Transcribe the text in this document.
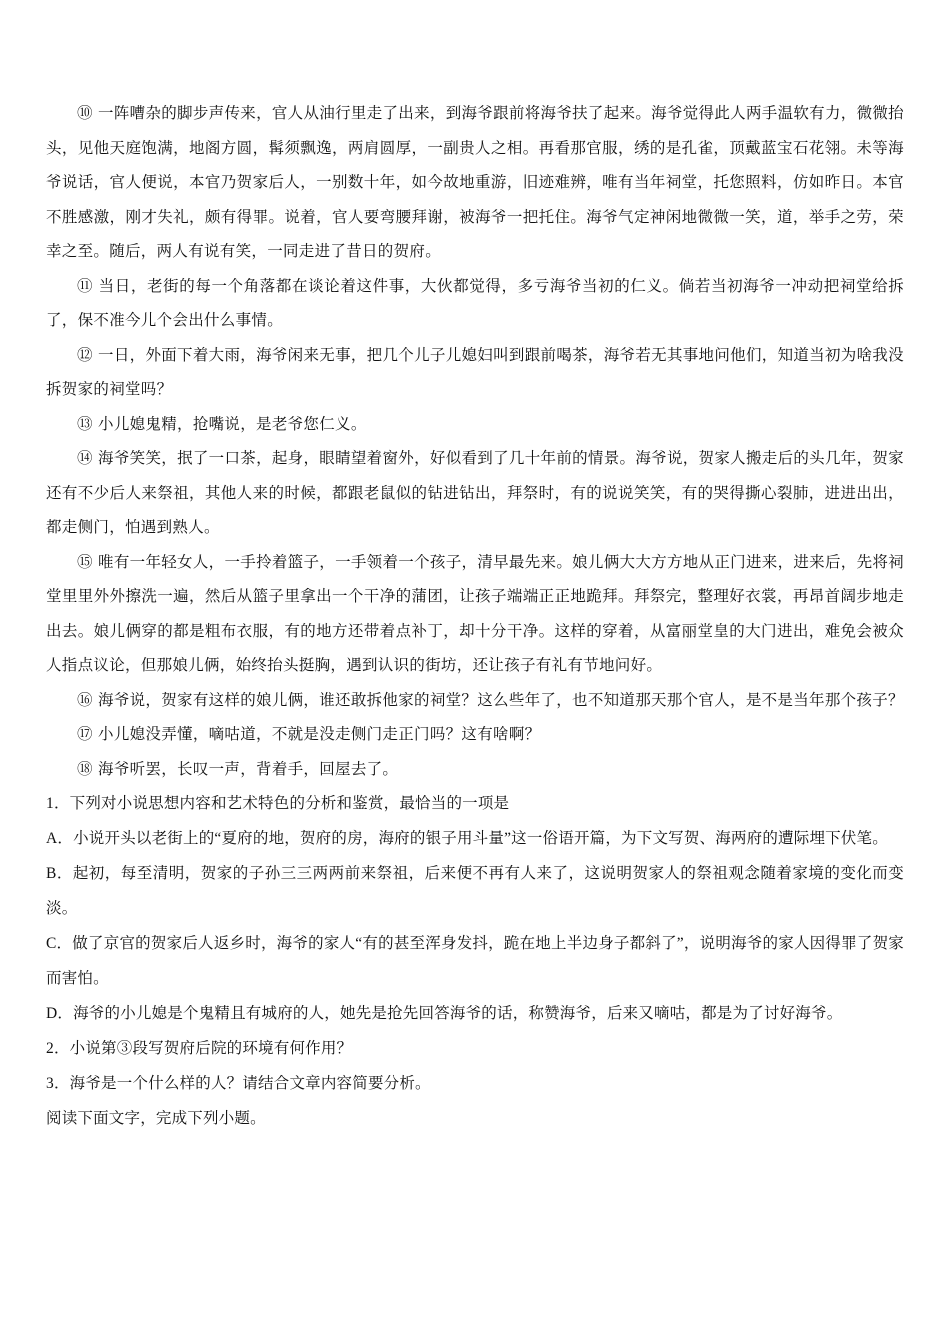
⑩ 一阵嘈杂的脚步声传来，官人从油行里走了出来，到海爷跟前将海爷扶了起来。海爷觉得此人两手温软有力，微微抬头，见他天庭饱满，地阁方圆，髯须飘逸，两肩圆厚，一副贵人之相。再看那官服，绣的是孔雀，顶戴蓝宝石花翎。未等海爷说话，官人便说，本官乃贺家后人，一别数十年，如今故地重游，旧迹难辨，唯有当年祠堂，托您照料，仿如昨日。本官不胜感激，刚才失礼，颇有得罪。说着，官人要弯腰拜谢，被海爷一把托住。海爷气定神闲地微微一笑，道，举手之劳，荣幸之至。随后，两人有说有笑，一同走进了昔日的贺府。

⑪ 当日，老街的每一个角落都在谈论着这件事，大伙都觉得，多亏海爷当初的仁义。倘若当初海爷一冲动把祠堂给拆了，保不准今儿个会出什么事情。

⑫ 一日，外面下着大雨，海爷闲来无事，把几个儿子儿媳妇叫到跟前喝茶，海爷若无其事地问他们，知道当初为啥我没拆贺家的祠堂吗？

⑬ 小儿媳鬼精，抢嘴说，是老爷您仁义。

⑭ 海爷笑笑，抿了一口茶，起身，眼睛望着窗外，好似看到了几十年前的情景。海爷说，贺家人搬走后的头几年，贺家还有不少后人来祭祖，其他人来的时候，都跟老鼠似的钻进钻出，拜祭时，有的说说笑笑，有的哭得撕心裂肺，进进出出，都走侧门，怕遇到熟人。

⑮ 唯有一年轻女人，一手拎着篮子，一手领着一个孩子，清早最先来。娘儿俩大大方方地从正门进来，进来后，先将祠堂里里外外擦洗一遍，然后从篮子里拿出一个干净的蒲团，让孩子端端正正地跪拜。拜祭完，整理好衣裳，再昂首阔步地走出去。娘儿俩穿的都是粗布衣服，有的地方还带着点补丁，却十分干净。这样的穿着，从富丽堂皇的大门进出，难免会被众人指点议论，但那娘儿俩，始终抬头挺胸，遇到认识的街坊，还让孩子有礼有节地问好。

⑯ 海爷说，贺家有这样的娘儿俩，谁还敢拆他家的祠堂？这么些年了，也不知道那天那个官人，是不是当年那个孩子？

⑰ 小儿媳没弄懂，嘀咕道，不就是没走侧门走正门吗？这有啥啊？

⑱ 海爷听罢，长叹一声，背着手，回屋去了。

1．下列对小说思想内容和艺术特色的分析和鉴赏，最恰当的一项是

A．小说开头以老街上的“夏府的地，贺府的房，海府的银子用斗量”这一俗语开篇，为下文写贺、海两府的遭际埋下伏笔。

B．起初，每至清明，贺家的子孙三三两两前来祭祖，后来便不再有人来了，这说明贺家人的祭祖观念随着家境的变化而变淡。

C．做了京官的贺家后人返乡时，海爷的家人“有的甚至浑身发抖，跪在地上半边身子都斜了”，说明海爷的家人因得罪了贺家而害怕。

D．海爷的小儿媳是个鬼精且有城府的人，她先是抢先回答海爷的话，称赞海爷，后来又嘀咕，都是为了讨好海爷。

2．小说第③段写贺府后院的环境有何作用？

3．海爷是一个什么样的人？请结合文章内容简要分析。

阅读下面文字，完成下列小题。
